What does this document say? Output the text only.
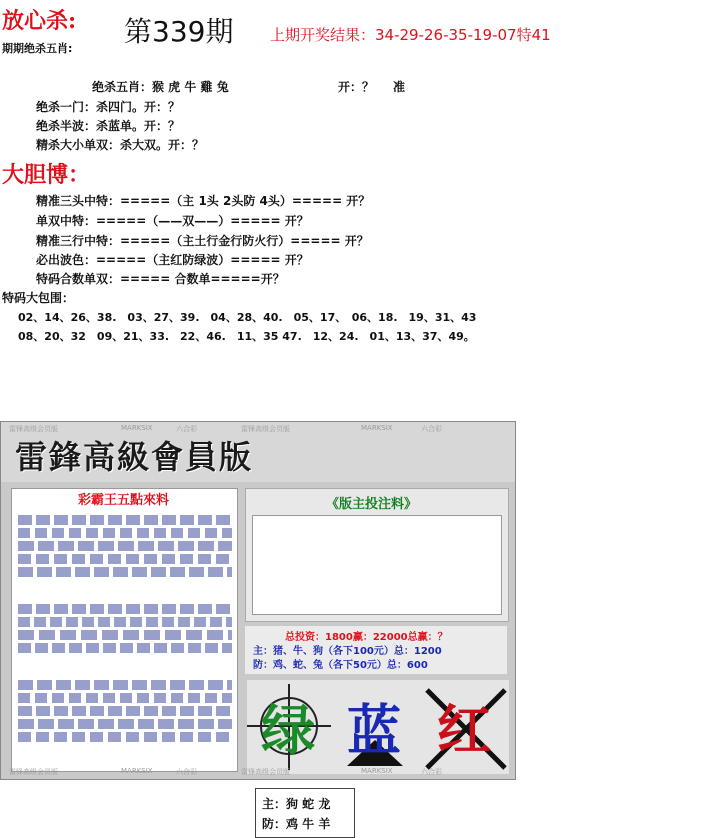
放心杀: 第339期 上期开奖结果：34-29-26-35-19-07特41
期期绝杀五肖:
绝杀五肖：猴 虎 牛 雞 兔	开：？ 准
绝杀一门：杀四门。开：？
绝杀半波：杀蓝单。开：？
精杀大小单双：杀大双。开：？
大胆博：
精准三头中特：=====（主 1头 2头防 4头）===== 开？
单双中特：=====（——双——）===== 开？
精准三行中特：=====（主土行金行防火行）===== 开？
必出波色：=====（主红防绿波）===== 开？
特码合数单双：===== 合数单=====开？
特码大包围：
02、14、26、38.　03、27、39.　04、28、40.　05、17、　06、18.　19、31、43
08、20、32　09、21、33.　22、46.　11、35 47.　12、24.　01、13、37、49。
雷锋高级会员版	MARKSIX	六合彩	雷锋高级会员版	MARKSIX	六合彩
雷鋒高級會員版
彩霸王五點來料	《版主投注料》
总投资：1800赢：22000总赢：？
主：猪、牛、狗（各下100元）总：1200
防：鸡、蛇、兔（各下50元）总：600
绿 蓝 红
雷锋高级会员版	MARKSIX	六合彩	雷锋高级会员版	MARKSIX	六合彩
主：狗 蛇 龙
防：鸡 牛 羊
